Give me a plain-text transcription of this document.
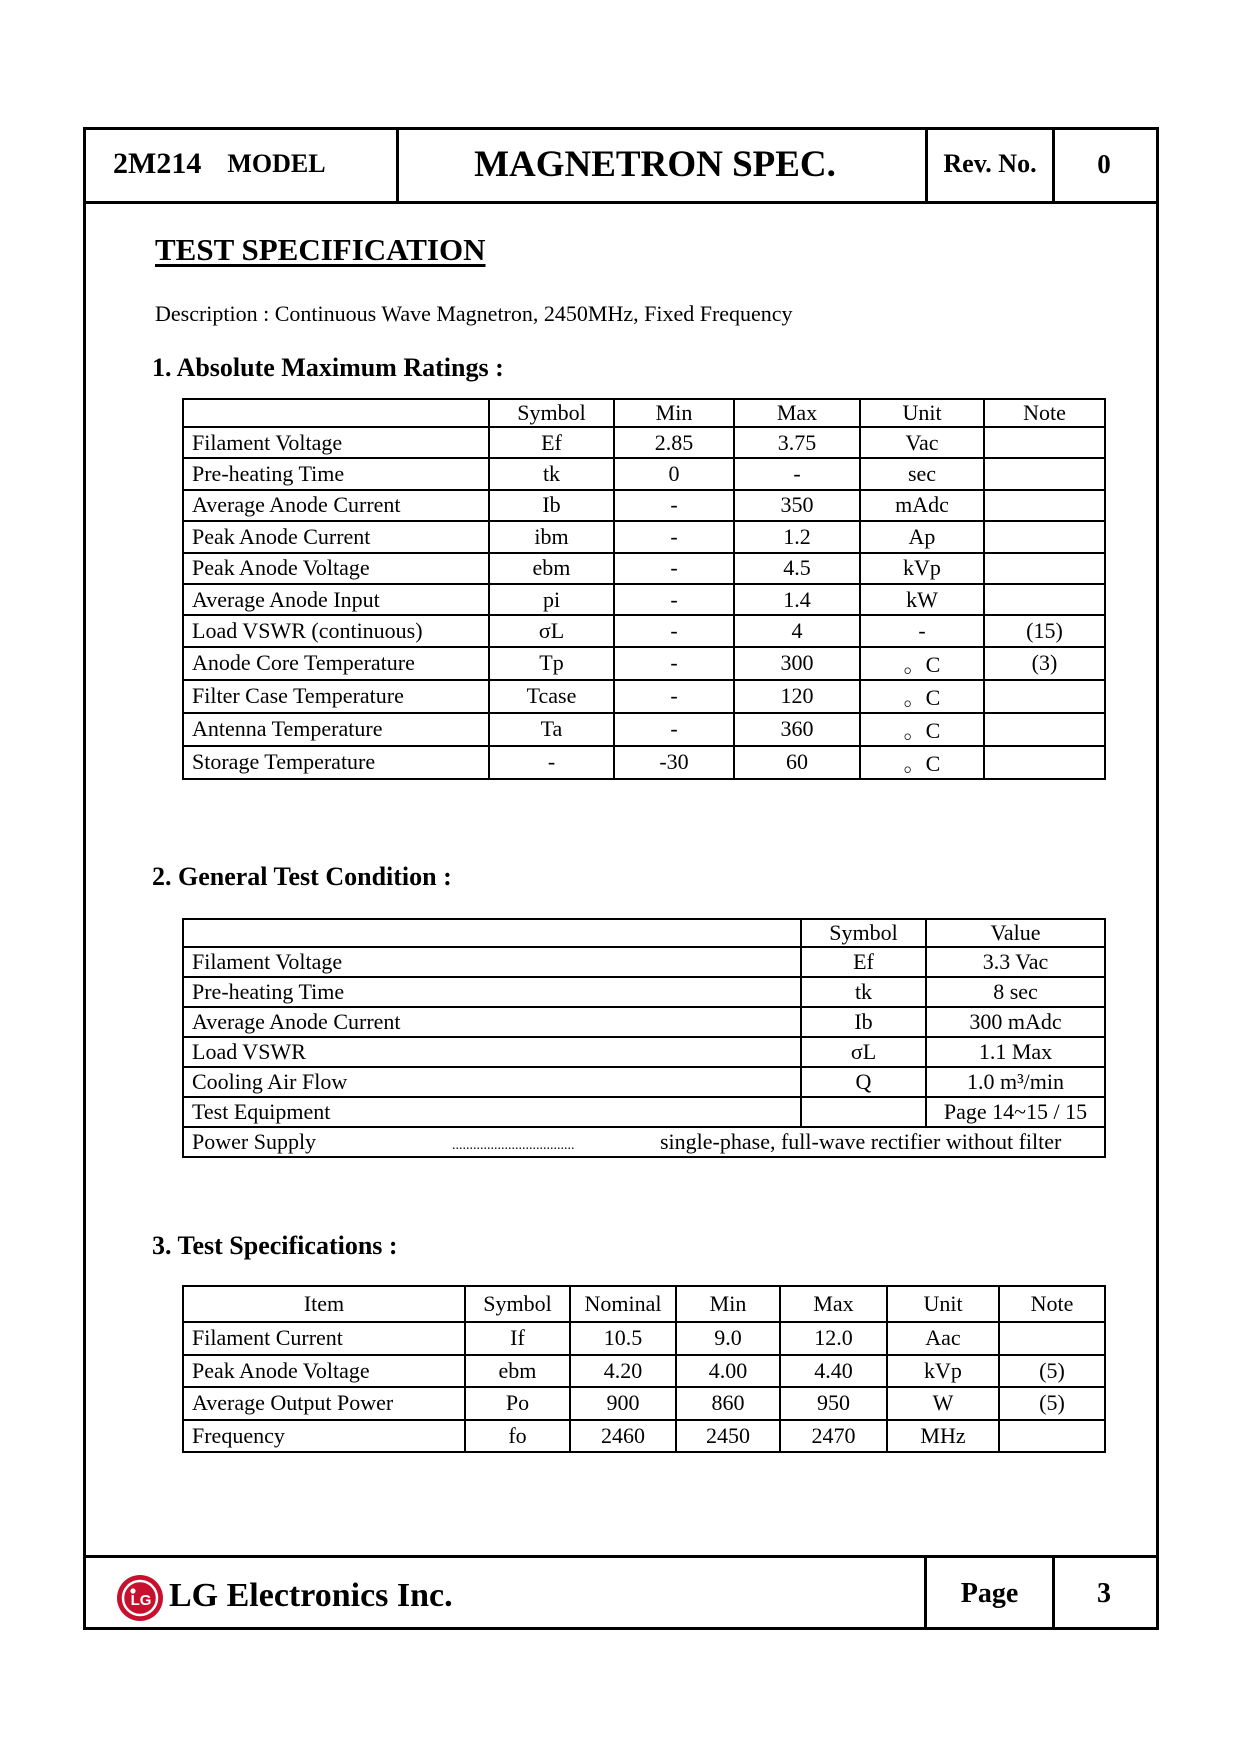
2M214 MODEL	MAGNETRON SPEC.	Rev. No.	0
TEST SPECIFICATION
Description : Continuous Wave Magnetron, 2450MHz, Fixed Frequency
1. Absolute Maximum Ratings :
	Symbol	Min	Max	Unit	Note
Filament Voltage	Ef	2.85	3.75	Vac	
Pre-heating Time	tk	0	-	sec	
Average Anode Current	Ib	-	350	mAdc	
Peak Anode Current	ibm	-	1.2	Ap	
Peak Anode Voltage	ebm	-	4.5	kVp	
Average Anode Input	pi	-	1.4	kW	
Load VSWR (continuous)	σL	-	4	-	(15)
Anode Core Temperature	Tp	-	300	。C	(3)
Filter Case Temperature	Tcase	-	120	。C	
Antenna Temperature	Ta	-	360	。C	
Storage Temperature	-	-30	60	。C	
2. General Test Condition :
	Symbol	Value
Filament Voltage	Ef	3.3 Vac
Pre-heating Time	tk	8 sec
Average Anode Current	Ib	300 mAdc
Load VSWR	σL	1.1 Max
Cooling Air Flow	Q	1.0 m³/min
Test Equipment		Page 14~15 / 15
Power Supply ................................... single-phase, full-wave rectifier without filter		
3. Test Specifications :
Item	Symbol	Nominal	Min	Max	Unit	Note
Filament Current	If	10.5	9.0	12.0	Aac	
Peak Anode Voltage	ebm	4.20	4.00	4.40	kVp	(5)
Average Output Power	Po	900	860	950	W	(5)
Frequency	fo	2460	2450	2470	MHz	
Page	3
LG LG Electronics Inc.
